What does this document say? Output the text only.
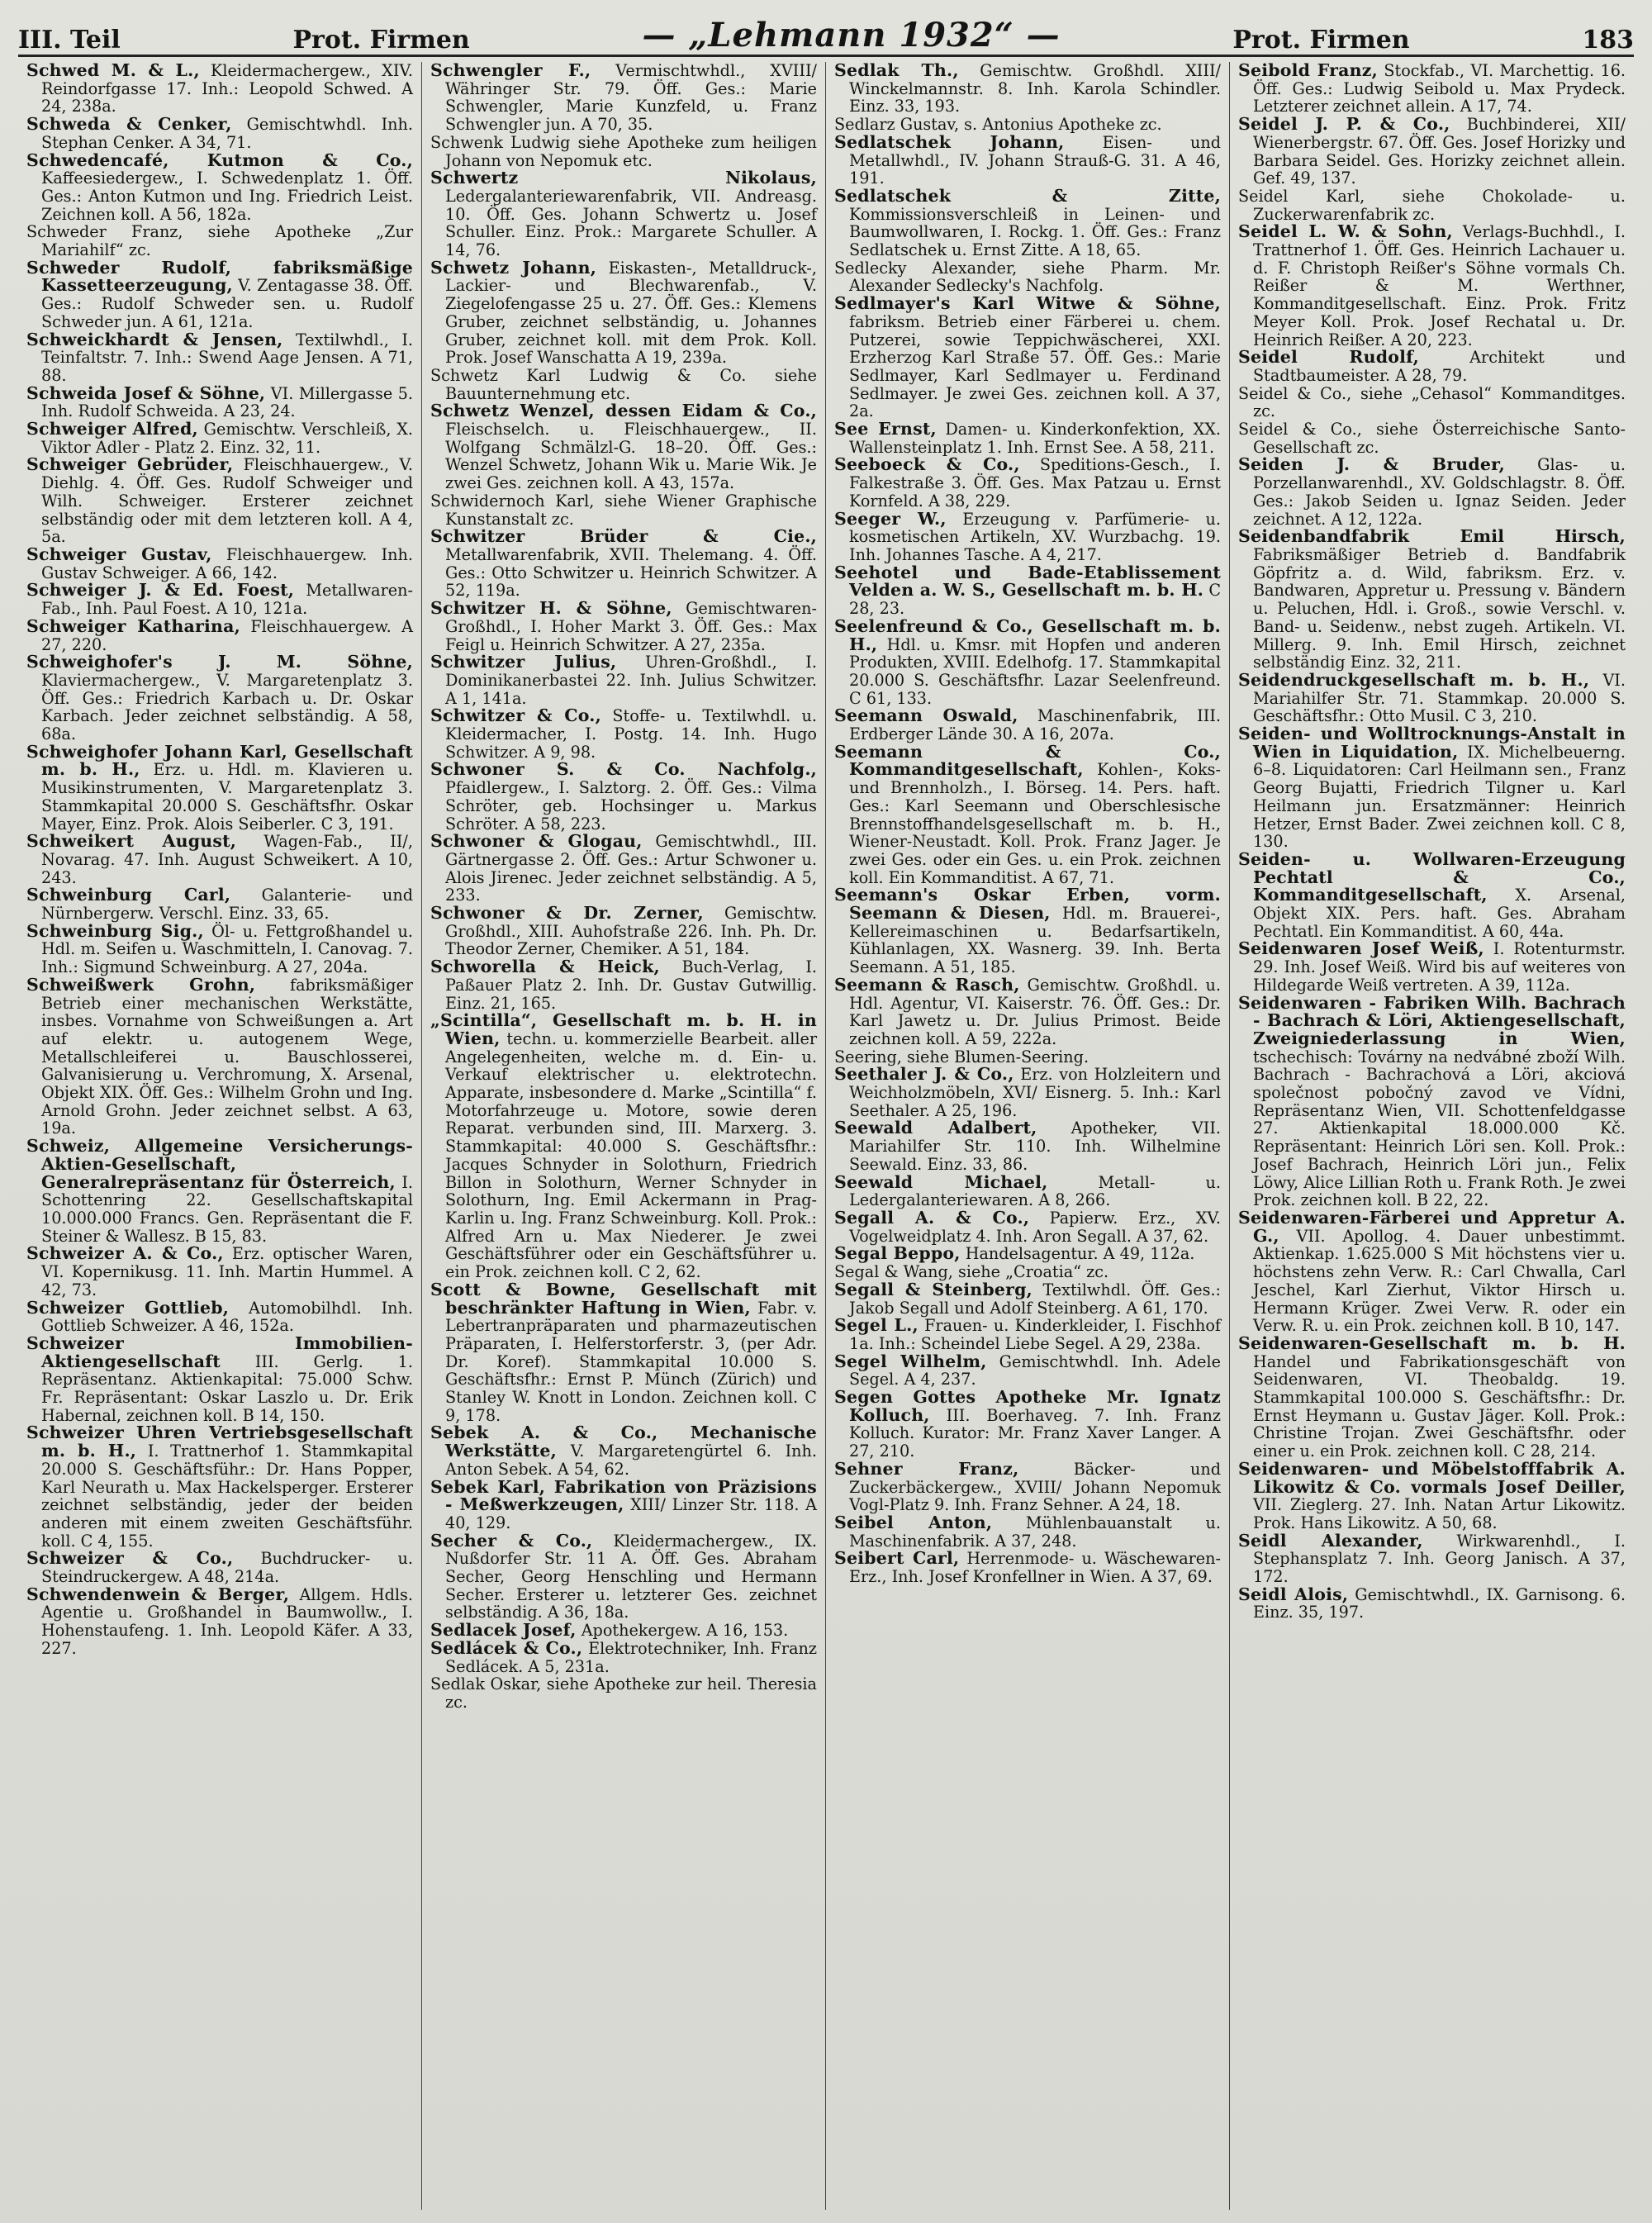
III. Teil	Prot. Firmen	— „Lehmann 1932“ —	Prot. Firmen	183

Schwed M. & L., Kleidermachergew., XIV. Reindorfgasse 17. Inh.: Leopold Schwed. A 24, 238a.

Schweda & Cenker, Gemischtwhdl. Inh. Stephan Cenker. A 34, 71.

Schwedencafé, Kutmon & Co., Kaffeesiedergew., I. Schwedenplatz 1. Öff. Ges.: Anton Kutmon und Ing. Friedrich Leist. Zeichnen koll. A 56, 182a.

Schweder Franz, siehe Apotheke „Zur Mariahilf“ zc.

Schweder Rudolf, fabriksmäßige Kassetteerzeugung, V. Zentagasse 38. Öff. Ges.: Rudolf Schweder sen. u. Rudolf Schweder jun. A 61, 121a.

Schweickhardt & Jensen, Textilwhdl., I. Teinfaltstr. 7. Inh.: Swend Aage Jensen. A 71, 88.

Schweida Josef & Söhne, VI. Millergasse 5. Inh. Rudolf Schweida. A 23, 24.

Schweiger Alfred, Gemischtw. Verschleiß, X. Viktor Adler - Platz 2. Einz. 32, 11.

Schweiger Gebrüder, Fleischhauergew., V. Diehlg. 4. Öff. Ges. Rudolf Schweiger und Wilh. Schweiger. Ersterer zeichnet selbständig oder mit dem letzteren koll. A 4, 5a.

Schweiger Gustav, Fleischhauergew. Inh. Gustav Schweiger. A 66, 142.

Schweiger J. & Ed. Foest, Metallwaren-Fab., Inh. Paul Foest. A 10, 121a.

Schweiger Katharina, Fleischhauergew. A 27, 220.

Schweighofer's J. M. Söhne, Klaviermachergew., V. Margaretenplatz 3. Öff. Ges.: Friedrich Karbach u. Dr. Oskar Karbach. Jeder zeichnet selbständig. A 58, 68a.

Schweighofer Johann Karl, Gesellschaft m. b. H., Erz. u. Hdl. m. Klavieren u. Musikinstrumenten, V. Margaretenplatz 3. Stammkapital 20.000 S. Geschäftsfhr. Oskar Mayer, Einz. Prok. Alois Seiberler. C 3, 191.

Schweikert August, Wagen-Fab., II/, Novarag. 47. Inh. August Schweikert. A 10, 243.

Schweinburg Carl, Galanterie- und Nürnbergerw. Verschl. Einz. 33, 65.

Schweinburg Sig., Öl- u. Fettgroßhandel u. Hdl. m. Seifen u. Waschmitteln, I. Canovag. 7. Inh.: Sigmund Schweinburg. A 27, 204a.

Schweißwerk Grohn, fabriksmäßiger Betrieb einer mechanischen Werkstätte, insbes. Vornahme von Schweißungen a. Art auf elektr. u. autogenem Wege, Metallschleiferei u. Bauschlosserei, Galvanisierung u. Verchromung, X. Arsenal, Objekt XIX. Öff. Ges.: Wilhelm Grohn und Ing. Arnold Grohn. Jeder zeichnet selbst. A 63, 19a.

Schweiz, Allgemeine Versicherungs-Aktien-Gesellschaft, Generalrepräsentanz für Österreich, I. Schottenring 22. Gesellschaftskapital 10.000.000 Francs. Gen. Repräsentant die F. Steiner & Wallesz. B 15, 83.

Schweizer A. & Co., Erz. optischer Waren, VI. Kopernikusg. 11. Inh. Martin Hummel. A 42, 73.

Schweizer Gottlieb, Automobilhdl. Inh. Gottlieb Schweizer. A 46, 152a.

Schweizer Immobilien-Aktiengesellschaft III. Gerlg. 1. Repräsentanz. Aktienkapital: 75.000 Schw. Fr. Repräsentant: Oskar Laszlo u. Dr. Erik Habernal, zeichnen koll. B 14, 150.

Schweizer Uhren Vertriebsgesellschaft m. b. H., I. Trattnerhof 1. Stammkapital 20.000 S. Geschäftsführ.: Dr. Hans Popper, Karl Neurath u. Max Hackelsperger. Ersterer zeichnet selbständig, jeder der beiden anderen mit einem zweiten Geschäftsführ. koll. C 4, 155.

Schweizer & Co., Buchdrucker- u. Steindruckergew. A 48, 214a.

Schwendenwein & Berger, Allgem. Hdls. Agentie u. Großhandel in Baumwollw., I. Hohenstaufeng. 1. Inh. Leopold Käfer. A 33, 227.

Schwengler F., Vermischtwhdl., XVIII/ Währinger Str. 79. Öff. Ges.: Marie Schwengler, Marie Kunzfeld, u. Franz Schwengler jun. A 70, 35.

Schwenk Ludwig siehe Apotheke zum heiligen Johann von Nepomuk etc.

Schwertz Nikolaus, Ledergalanteriewarenfabrik, VII. Andreasg. 10. Öff. Ges. Johann Schwertz u. Josef Schuller. Einz. Prok.: Margarete Schuller. A 14, 76.

Schwetz Johann, Eiskasten-, Metalldruck-, Lackier- und Blechwarenfab., V. Ziegelofengasse 25 u. 27. Öff. Ges.: Klemens Gruber, zeichnet selbständig, u. Johannes Gruber, zeichnet koll. mit dem Prok. Koll. Prok. Josef Wanschatta A 19, 239a.

Schwetz Karl Ludwig & Co. siehe Bauunternehmung etc.

Schwetz Wenzel, dessen Eidam & Co., Fleischselch. u. Fleischhauergew., II. Wolfgang Schmälzl-G. 18–20. Öff. Ges.: Wenzel Schwetz, Johann Wik u. Marie Wik. Je zwei Ges. zeichnen koll. A 43, 157a.

Schwidernoch Karl, siehe Wiener Graphische Kunstanstalt zc.

Schwitzer Brüder & Cie., Metallwarenfabrik, XVII. Thelemang. 4. Öff. Ges.: Otto Schwitzer u. Heinrich Schwitzer. A 52, 119a.

Schwitzer H. & Söhne, Gemischtwaren-Großhdl., I. Hoher Markt 3. Öff. Ges.: Max Feigl u. Heinrich Schwitzer. A 27, 235a.

Schwitzer Julius, Uhren-Großhdl., I. Dominikanerbastei 22. Inh. Julius Schwitzer. A 1, 141a.

Schwitzer & Co., Stoffe- u. Textilwhdl. u. Kleidermacher, I. Postg. 14. Inh. Hugo Schwitzer. A 9, 98.

Schwoner S. & Co. Nachfolg., Pfaidlergew., I. Salztorg. 2. Öff. Ges.: Vilma Schröter, geb. Hochsinger u. Markus Schröter. A 58, 223.

Schwoner & Glogau, Gemischtwhdl., III. Gärtnergasse 2. Öff. Ges.: Artur Schwoner u. Alois Jirenec. Jeder zeichnet selbständig. A 5, 233.

Schwoner & Dr. Zerner, Gemischtw. Großhdl., XIII. Auhofstraße 226. Inh. Ph. Dr. Theodor Zerner, Chemiker. A 51, 184.

Schworella & Heick, Buch-Verlag, I. Paßauer Platz 2. Inh. Dr. Gustav Gutwillig. Einz. 21, 165.

„Scintilla“, Gesellschaft m. b. H. in Wien, techn. u. kommerzielle Bearbeit. aller Angelegenheiten, welche m. d. Ein- u. Verkauf elektrischer u. elektrotechn. Apparate, insbesondere d. Marke „Scintilla“ f. Motorfahrzeuge u. Motore, sowie deren Reparat. verbunden sind, III. Marxerg. 3. Stammkapital: 40.000 S. Geschäftsfhr.: Jacques Schnyder in Solothurn, Friedrich Billon in Solothurn, Werner Schnyder in Solothurn, Ing. Emil Ackermann in Prag-Karlin u. Ing. Franz Schweinburg. Koll. Prok.: Alfred Arn u. Max Niederer. Je zwei Geschäftsführer oder ein Geschäftsführer u. ein Prok. zeichnen koll. C 2, 62.

Scott & Bowne, Gesellschaft mit beschränkter Haftung in Wien, Fabr. v. Lebertranpräparaten und pharmazeutischen Präparaten, I. Helferstorferstr. 3, (per Adr. Dr. Koref). Stammkapital 10.000 S. Geschäftsfhr.: Ernst P. Münch (Zürich) und Stanley W. Knott in London. Zeichnen koll. C 9, 178.

Sebek A. & Co., Mechanische Werkstätte, V. Margaretengürtel 6. Inh. Anton Sebek. A 54, 62.

Sebek Karl, Fabrikation von Präzisions - Meßwerkzeugen, XIII/ Linzer Str. 118. A 40, 129.

Secher & Co., Kleidermachergew., IX. Nußdorfer Str. 11 A. Öff. Ges. Abraham Secher, Georg Henschling und Hermann Secher. Ersterer u. letzterer Ges. zeichnet selbständig. A 36, 18a.

Sedlacek Josef, Apothekergew. A 16, 153.

Sedlácek & Co., Elektrotechniker, Inh. Franz Sedlácek. A 5, 231a.

Sedlak Oskar, siehe Apotheke zur heil. Theresia zc.

Sedlak Th., Gemischtw. Großhdl. XIII/ Winckelmannstr. 8. Inh. Karola Schindler. Einz. 33, 193.

Sedlarz Gustav, s. Antonius Apotheke zc.

Sedlatschek Johann, Eisen- und Metallwhdl., IV. Johann Strauß-G. 31. A 46, 191.

Sedlatschek & Zitte, Kommissionsverschleiß in Leinen- und Baumwollwaren, I. Rockg. 1. Öff. Ges.: Franz Sedlatschek u. Ernst Zitte. A 18, 65.

Sedlecky Alexander, siehe Pharm. Mr. Alexander Sedlecky's Nachfolg.

Sedlmayer's Karl Witwe & Söhne, fabriksm. Betrieb einer Färberei u. chem. Putzerei, sowie Teppichwäscherei, XXI. Erzherzog Karl Straße 57. Öff. Ges.: Marie Sedlmayer, Karl Sedlmayer u. Ferdinand Sedlmayer. Je zwei Ges. zeichnen koll. A 37, 2a.

See Ernst, Damen- u. Kinderkonfektion, XX. Wallensteinplatz 1. Inh. Ernst See. A 58, 211.

Seeboeck & Co., Speditions-Gesch., I. Falkestraße 3. Öff. Ges. Max Patzau u. Ernst Kornfeld. A 38, 229.

Seeger W., Erzeugung v. Parfümerie- u. kosmetischen Artikeln, XV. Wurzbachg. 19. Inh. Johannes Tasche. A 4, 217.

Seehotel und Bade-Etablissement Velden a. W. S., Gesellschaft m. b. H. C 28, 23.

Seelenfreund & Co., Gesellschaft m. b. H., Hdl. u. Kmsr. mit Hopfen und anderen Produkten, XVIII. Edelhofg. 17. Stammkapital 20.000 S. Geschäftsfhr. Lazar Seelenfreund. C 61, 133.

Seemann Oswald, Maschinenfabrik, III. Erdberger Lände 30. A 16, 207a.

Seemann & Co., Kommanditgesellschaft, Kohlen-, Koks- und Brennholzh., I. Börseg. 14. Pers. haft. Ges.: Karl Seemann und Oberschlesische Brennstoffhandelsgesellschaft m. b. H., Wiener-Neustadt. Koll. Prok. Franz Jager. Je zwei Ges. oder ein Ges. u. ein Prok. zeichnen koll. Ein Kommanditist. A 67, 71.

Seemann's Oskar Erben, vorm. Seemann & Diesen, Hdl. m. Brauerei-, Kellereimaschinen u. Bedarfsartikeln, Kühlanlagen, XX. Wasnerg. 39. Inh. Berta Seemann. A 51, 185.

Seemann & Rasch, Gemischtw. Großhdl. u. Hdl. Agentur, VI. Kaiserstr. 76. Öff. Ges.: Dr. Karl Jawetz u. Dr. Julius Primost. Beide zeichnen koll. A 59, 222a.

Seering, siehe Blumen-Seering.

Seethaler J. & Co., Erz. von Holzleitern und Weichholzmöbeln, XVI/ Eisnerg. 5. Inh.: Karl Seethaler. A 25, 196.

Seewald Adalbert, Apotheker, VII. Mariahilfer Str. 110. Inh. Wilhelmine Seewald. Einz. 33, 86.

Seewald Michael, Metall- u. Ledergalanteriewaren. A 8, 266.

Segall A. & Co., Papierw. Erz., XV. Vogelweidplatz 4. Inh. Aron Segall. A 37, 62.

Segal Beppo, Handelsagentur. A 49, 112a.

Segal & Wang, siehe „Croatia“ zc.

Segall & Steinberg, Textilwhdl. Öff. Ges.: Jakob Segall und Adolf Steinberg. A 61, 170.

Segel L., Frauen- u. Kinderkleider, I. Fischhof 1a. Inh.: Scheindel Liebe Segel. A 29, 238a.

Segel Wilhelm, Gemischtwhdl. Inh. Adele Segel. A 4, 237.

Segen Gottes Apotheke Mr. Ignatz Kolluch, III. Boerhaveg. 7. Inh. Franz Kolluch. Kurator: Mr. Franz Xaver Langer. A 27, 210.

Sehner Franz, Bäcker- und Zuckerbäckergew., XVIII/ Johann Nepomuk Vogl-Platz 9. Inh. Franz Sehner. A 24, 18.

Seibel Anton, Mühlenbauanstalt u. Maschinenfabrik. A 37, 248.

Seibert Carl, Herrenmode- u. Wäschewaren-Erz., Inh. Josef Kronfellner in Wien. A 37, 69.

Seibold Franz, Stockfab., VI. Marchettig. 16. Öff. Ges.: Ludwig Seibold u. Max Prydeck. Letzterer zeichnet allein. A 17, 74.

Seidel J. P. & Co., Buchbinderei, XII/ Wienerbergstr. 67. Öff. Ges. Josef Horizky und Barbara Seidel. Ges. Horizky zeichnet allein. Gef. 49, 137.

Seidel Karl, siehe Chokolade- u. Zuckerwarenfabrik zc.

Seidel L. W. & Sohn, Verlags-Buchhdl., I. Trattnerhof 1. Öff. Ges. Heinrich Lachauer u. d. F. Christoph Reißer's Söhne vormals Ch. Reißer & M. Werthner, Kommanditgesellschaft. Einz. Prok. Fritz Meyer Koll. Prok. Josef Rechatal u. Dr. Heinrich Reißer. A 20, 223.

Seidel Rudolf, Architekt und Stadtbaumeister. A 28, 79.

Seidel & Co., siehe „Cehasol“ Kommanditges. zc.

Seidel & Co., siehe Österreichische Santo-Gesellschaft zc.

Seiden J. & Bruder, Glas- u. Porzellanwarenhdl., XV. Goldschlagstr. 8. Öff. Ges.: Jakob Seiden u. Ignaz Seiden. Jeder zeichnet. A 12, 122a.

Seidenbandfabrik Emil Hirsch, Fabriksmäßiger Betrieb d. Bandfabrik Göpfritz a. d. Wild, fabriksm. Erz. v. Bandwaren, Appretur u. Pressung v. Bändern u. Peluchen, Hdl. i. Groß., sowie Verschl. v. Band- u. Seidenw., nebst zugeh. Artikeln. VI. Millerg. 9. Inh. Emil Hirsch, zeichnet selbständig Einz. 32, 211.

Seidendruckgesellschaft m. b. H., VI. Mariahilfer Str. 71. Stammkap. 20.000 S. Geschäftsfhr.: Otto Musil. C 3, 210.

Seiden- und Wolltrocknungs-Anstalt in Wien in Liquidation, IX. Michelbeuerng. 6–8. Liquidatoren: Carl Heilmann sen., Franz Georg Bujatti, Friedrich Tilgner u. Karl Heilmann jun. Ersatzmänner: Heinrich Hetzer, Ernst Bader. Zwei zeichnen koll. C 8, 130.

Seiden- u. Wollwaren-Erzeugung Pechtatl & Co., Kommanditgesellschaft, X. Arsenal, Objekt XIX. Pers. haft. Ges. Abraham Pechtatl. Ein Kommanditist. A 60, 44a.

Seidenwaren Josef Weiß, I. Rotenturmstr. 29. Inh. Josef Weiß. Wird bis auf weiteres von Hildegarde Weiß vertreten. A 39, 112a.

Seidenwaren - Fabriken Wilh. Bachrach - Bachrach & Löri, Aktiengesellschaft, Zweigniederlassung in Wien, tschechisch: Továrny na nedvábné zboží Wilh. Bachrach - Bachrachová a Löri, akciová společnost pobočný zavod ve Vídni, Repräsentanz Wien, VII. Schottenfeldgasse 27. Aktienkapital 18.000.000 Kč. Repräsentant: Heinrich Löri sen. Koll. Prok.: Josef Bachrach, Heinrich Löri jun., Felix Löwy, Alice Lillian Roth u. Frank Roth. Je zwei Prok. zeichnen koll. B 22, 22.

Seidenwaren-Färberei und Appretur A. G., VII. Apollog. 4. Dauer unbestimmt. Aktienkap. 1.625.000 S Mit höchstens vier u. höchstens zehn Verw. R.: Carl Chwalla, Carl Jeschel, Karl Zierhut, Viktor Hirsch u. Hermann Krüger. Zwei Verw. R. oder ein Verw. R. u. ein Prok. zeichnen koll. B 10, 147.

Seidenwaren-Gesellschaft m. b. H. Handel und Fabrikationsgeschäft von Seidenwaren, VI. Theobaldg. 19. Stammkapital 100.000 S. Geschäftsfhr.: Dr. Ernst Heymann u. Gustav Jäger. Koll. Prok.: Christine Trojan. Zwei Geschäftsfhr. oder einer u. ein Prok. zeichnen koll. C 28, 214.

Seidenwaren- und Möbelstofffabrik A. Likowitz & Co. vormals Josef Deiller, VII. Zieglerg. 27. Inh. Natan Artur Likowitz. Prok. Hans Likowitz. A 50, 68.

Seidl Alexander, Wirkwarenhdl., I. Stephansplatz 7. Inh. Georg Janisch. A 37, 172.

Seidl Alois, Gemischtwhdl., IX. Garnisong. 6. Einz. 35, 197.
